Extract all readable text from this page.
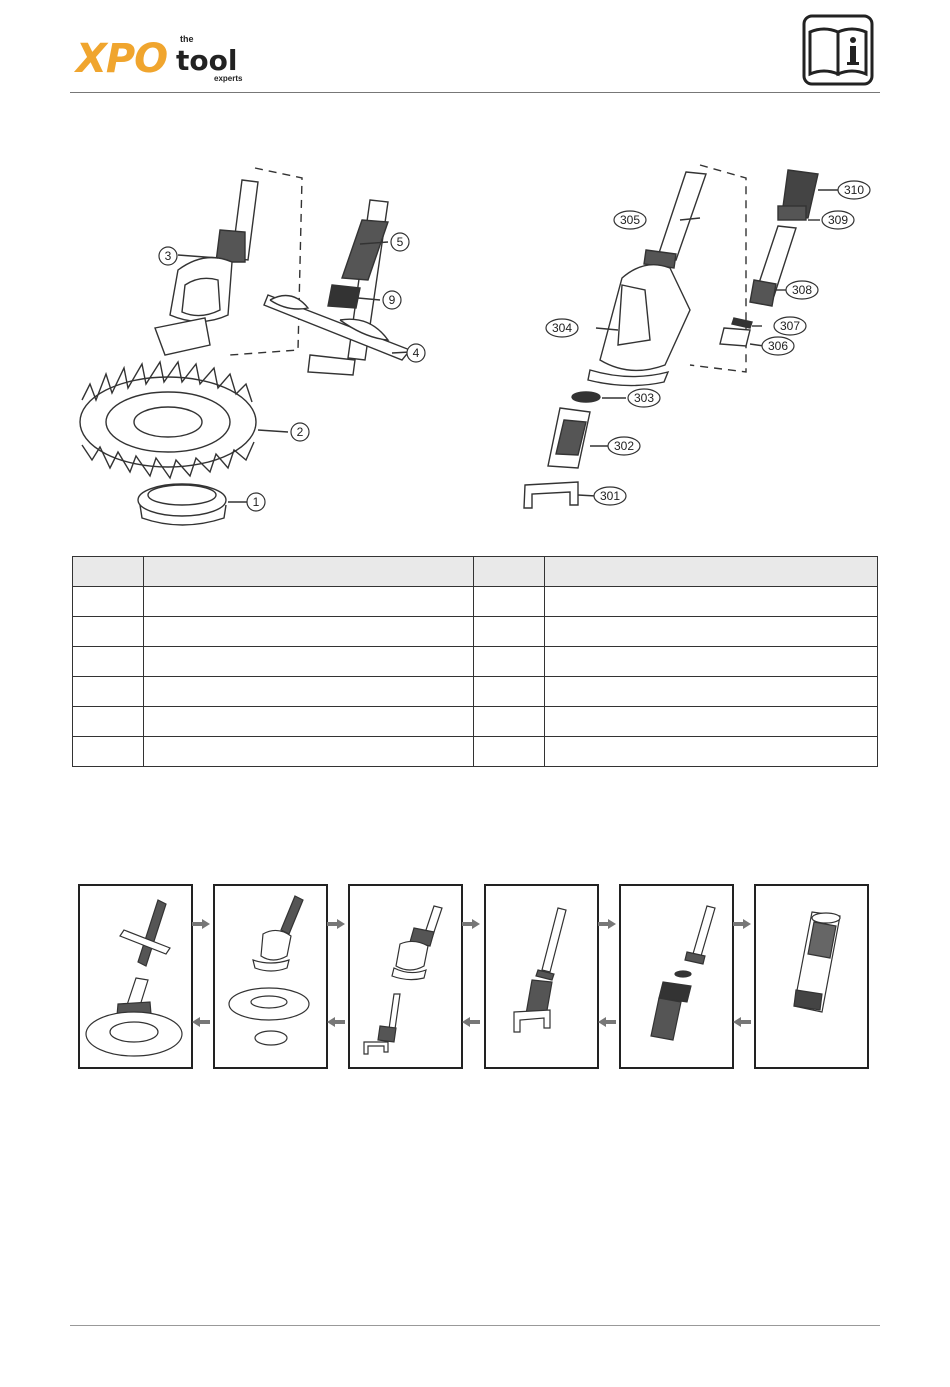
XPO the
tool
experts
3
5
9
4
2
1
305
310
309
308
304	307
306
303
302
301
